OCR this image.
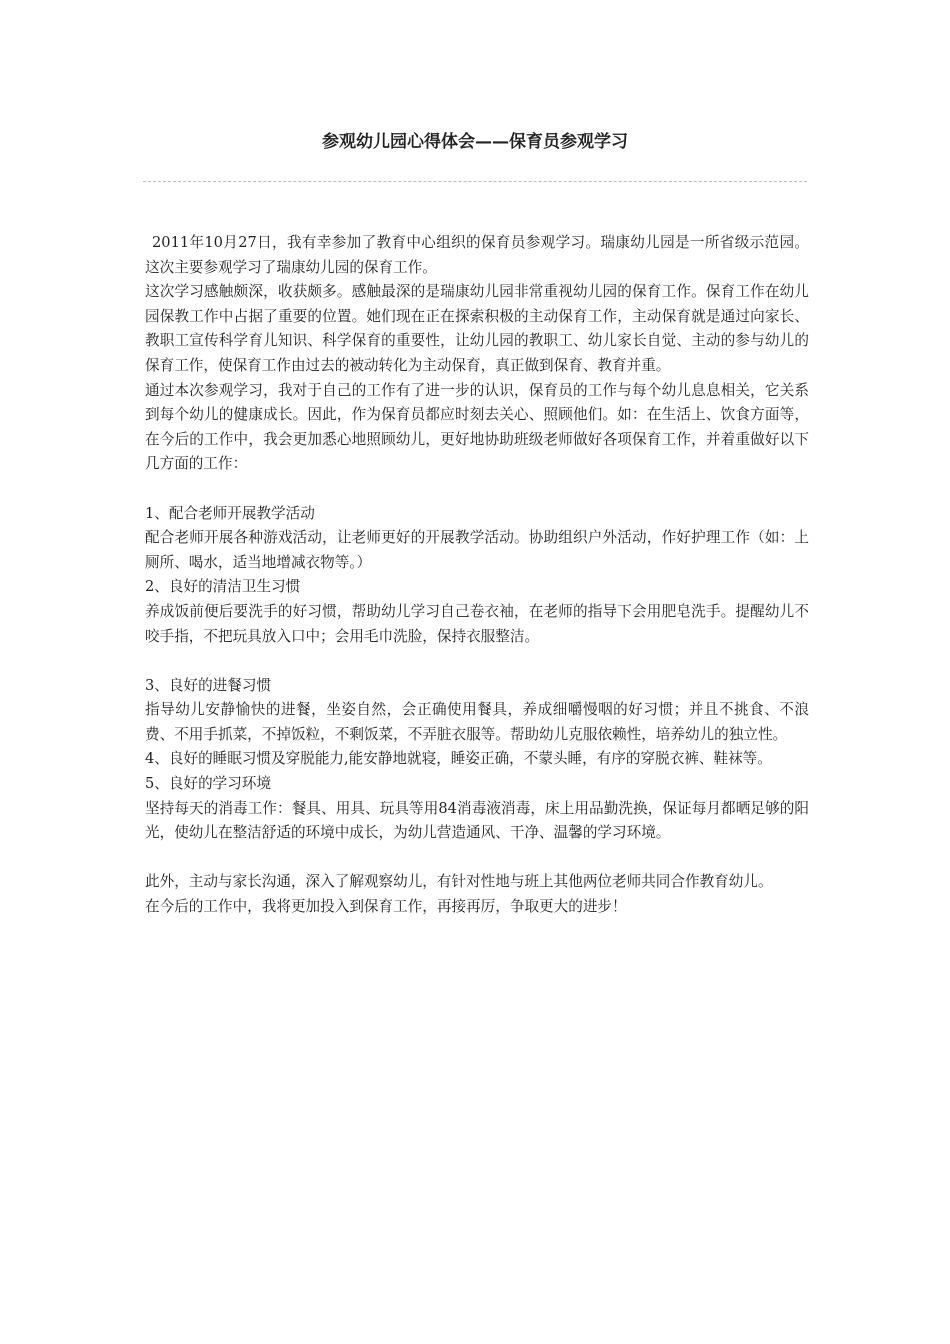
参观幼儿园心得体会——保育员参观学习

2011年10月27日，我有幸参加了教育中心组织的保育员参观学习。瑞康幼儿园是一所省级示范园。这次主要参观学习了瑞康幼儿园的保育工作。

这次学习感触颇深，收获颇多。感触最深的是瑞康幼儿园非常重视幼儿园的保育工作。保育工作在幼儿园保教工作中占据了重要的位置。她们现在正在探索积极的主动保育工作，主动保育就是通过向家长、教职工宣传科学育儿知识、科学保育的重要性，让幼儿园的教职工、幼儿家长自觉、主动的参与幼儿的保育工作，使保育工作由过去的被动转化为主动保育，真正做到保育、教育并重。

通过本次参观学习，我对于自己的工作有了进一步的认识，保育员的工作与每个幼儿息息相关，它关系到每个幼儿的健康成长。因此，作为保育员都应时刻去关心、照顾他们。如：在生活上、饮食方面等，在今后的工作中，我会更加悉心地照顾幼儿，更好地协助班级老师做好各项保育工作，并着重做好以下几方面的工作：

1、配合老师开展教学活动

配合老师开展各种游戏活动，让老师更好的开展教学活动。协助组织户外活动，作好护理工作（如：上厕所、喝水，适当地增减衣物等。）

2、良好的清洁卫生习惯

养成饭前便后要洗手的好习惯，帮助幼儿学习自己卷衣袖，在老师的指导下会用肥皂洗手。提醒幼儿不咬手指，不把玩具放入口中；会用毛巾洗脸，保持衣服整洁。

3、良好的进餐习惯

指导幼儿安静愉快的进餐，坐姿自然，会正确使用餐具，养成细嚼慢咽的好习惯；并且不挑食、不浪费、不用手抓菜，不掉饭粒，不剩饭菜，不弄脏衣服等。帮助幼儿克服依赖性，培养幼儿的独立性。

4、良好的睡眠习惯及穿脱能力,能安静地就寝，睡姿正确，不蒙头睡，有序的穿脱衣裤、鞋袜等。

5、良好的学习环境

坚持每天的消毒工作：餐具、用具、玩具等用84消毒液消毒，床上用品勤洗换，保证每月都晒足够的阳光，使幼儿在整洁舒适的环境中成长，为幼儿营造通风、干净、温馨的学习环境。

此外，主动与家长沟通，深入了解观察幼儿，有针对性地与班上其他两位老师共同合作教育幼儿。

在今后的工作中，我将更加投入到保育工作，再接再厉，争取更大的进步！
